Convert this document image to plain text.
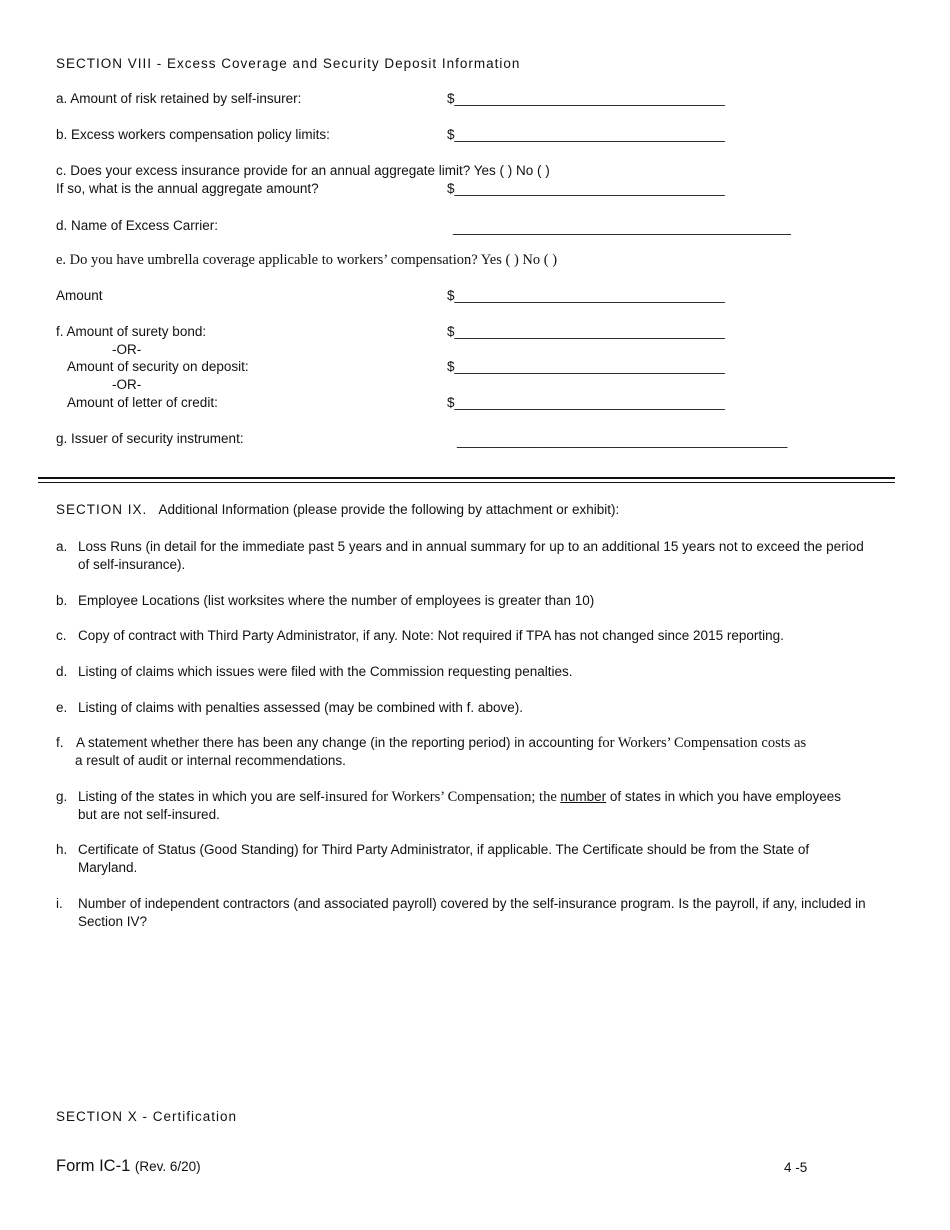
SECTION VIII - Excess Coverage and Security Deposit Information
a. Amount of risk retained by self-insurer:	$____________________________________
b. Excess workers compensation policy limits:	$____________________________________
c. Does your excess insurance provide for an annual aggregate limit? Yes ( ) No ( )
If so, what is the annual aggregate amount?	$____________________________________
d. Name of Excess Carrier:	_____________________________________________
e. Do you have umbrella coverage applicable to workers’ compensation? Yes ( ) No ( )
Amount	$____________________________________
f. Amount of surety bond:	$____________________________________
-OR-
Amount of security on deposit:	$____________________________________
-OR-
Amount of letter of credit:	$____________________________________
g. Issuer of security instrument:	____________________________________________
SECTION IX. Additional Information (please provide the following by attachment or exhibit):
a. Loss Runs (in detail for the immediate past 5 years and in annual summary for up to an additional 15 years not to exceed the period
of self-insurance).
b. Employee Locations (list worksites where the number of employees is greater than 10)
c. Copy of contract with Third Party Administrator, if any. Note: Not required if TPA has not changed since 2015 reporting.
d. Listing of claims which issues were filed with the Commission requesting penalties.
e. Listing of claims with penalties assessed (may be combined with f. above).
f. A statement whether there has been any change (in the reporting period) in accounting for Workers’ Compensation costs as
a result of audit or internal recommendations.
g. Listing of the states in which you are self-insured for Workers’ Compensation; the number of states in which you have employees
but are not self-insured.
h. Certificate of Status (Good Standing) for Third Party Administrator, if applicable. The Certificate should be from the State of
Maryland.
i. Number of independent contractors (and associated payroll) covered by the self-insurance program. Is the payroll, if any, included in
Section IV?
SECTION X - Certification
Form IC-1 (Rev. 6/20)	4 -5
